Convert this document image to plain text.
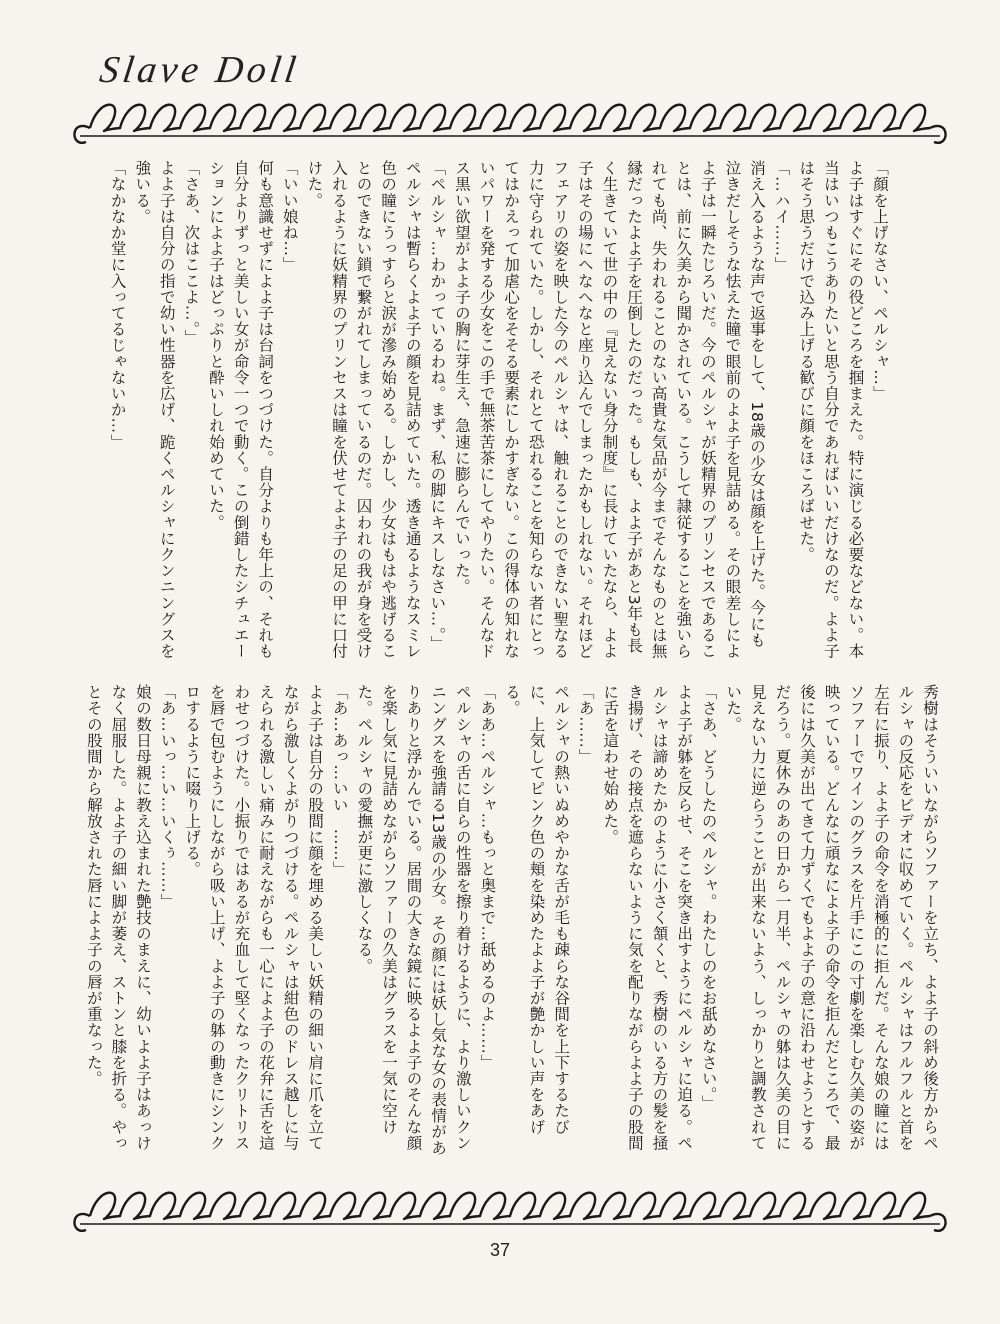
Slave Doll

「顔を上げなさい、ペルシャ…」

よ子はすぐにその役どころを掴まえた。特に演じる必要などない。本当はいつもこうありたいと思う自分であればいいだけなのだ。よよ子はそう思うだけで込み上げる歓びに顔をほころばせた。

「…ハイ……」

消え入るような声で返事をして、18歳の少女は顔を上げた。今にも泣きだしそうな怯えた瞳で眼前のよよ子を見詰める。その眼差しによよ子は一瞬たじろいだ。今のペルシャが妖精界のプリンセスであることは、前に久美から聞かされている。こうして隷従することを強いられても尚、失われることのない高貴な気品が今までそんなものとは無縁だったよよ子を圧倒したのだった。もしも、よよ子があと3年も長く生きていて世の中の『見えない身分制度』に長けていたなら、よよ子はその場にへなへなと座り込んでしまったかもしれない。それほどフェアリの姿を映した今のペルシャは、触れることのできない聖なる力に守られていた。しかし、それとて恐れることを知らない者にとってはかえって加虐心をそそる要素にしかすぎない。この得体の知れないパワーを発する少女をこの手で無茶苦茶にしてやりたい。そんなドス黒い欲望がよよ子の胸に芽生え、急速に膨らんでいった。

「ペルシャ…わかっているわね。まず、私の脚にキスしなさい…。」

ペルシャは暫らくよよ子の顔を見詰めていた。透き通るようなスミレ色の瞳にうっすらと涙が滲み始める。しかし、少女はもはや逃げることのできない鎖で繋がれてしまっているのだ。囚われの我が身を受け入れるように妖精界のプリンセスは瞳を伏せてよよ子の足の甲に口付けた。

「いい娘ね…」

何も意識せずによよ子は台詞をつづけた。自分よりも年上の、それも自分よりずっと美しい女が命令一つで動く。この倒錯したシチュエーションによよ子はどっぷりと酔いしれ始めていた。

「さあ、次はここよ…。」

よよ子は自分の指で幼い性器を広げ、跪くペルシャにクンニングスを強いる。

「なかなか堂に入ってるじゃないか…」

秀樹はそういいながらソファーを立ち、よよ子の斜め後方からペルシャの反応をビデオに収めていく。ペルシャはフルフルと首を左右に振り、よよ子の命令を消極的に拒んだ。そんな娘の瞳にはソファーでワインのグラスを片手にこの寸劇を楽しむ久美の姿が映っている。どんなに頑なによよ子の命令を拒んだところで、最後には久美が出てきて力ずくでもよよ子の意に沿わせようとするだろう。夏休みのあの日から一月半、ペルシャの躰は久美の目に見えない力に逆らうことが出来ないよう、しっかりと調教されていた。

「さあ、どうしたのペルシャ。わたしのをお舐めなさい。」

よよ子が躰を反らせ、そこを突き出すようにペルシャに迫る。ペルシャは諦めたかのように小さく頷くと、秀樹のいる方の髪を掻き揚げ、その接点を遮らないように気を配りながらよよ子の股間に舌を這わせ始めた。

「あ……」

ペルシャの熱いぬめやかな舌が毛も疎らな谷間を上下するたびに、上気してピンク色の頬を染めたよよ子が艶かしい声をあげる。

「ああ…ペルシャ…もっと奥まで…舐めるのよ……」

ペルシャの舌に自らの性器を擦り着けるように、より激しいクンニングスを強請る13歳の少女。その顔には妖し気な女の表情がありありと浮かんでいる。居間の大きな鏡に映るよよ子のそんな顔を楽し気に見詰めながらソファーの久美はグラスを一気に空けた。ペルシャの愛撫が更に激しくなる。

「あ…あっ…いい　……」

よよ子は自分の股間に顔を埋める美しい妖精の細い肩に爪を立てながら激しくよがりつづける。ペルシャは紺色のドレス越しに与えられる激しい痛みに耐えながらも一心によよ子の花弁に舌を這わせつづけた。小振りではあるが充血して堅くなったクリトリスを唇で包むようにしながら吸い上げ、よよ子の躰の動きにシンクロするように啜り上げる。

「あ…いっ…い…いくぅ……」

娘の数日母親に教え込まれた艶技のまえに、幼いよよ子はあっけなく屈服した。よよ子の細い脚が萎え、ストンと膝を折る。やっとその股間から解放された唇によよ子の唇が重なった。

37
